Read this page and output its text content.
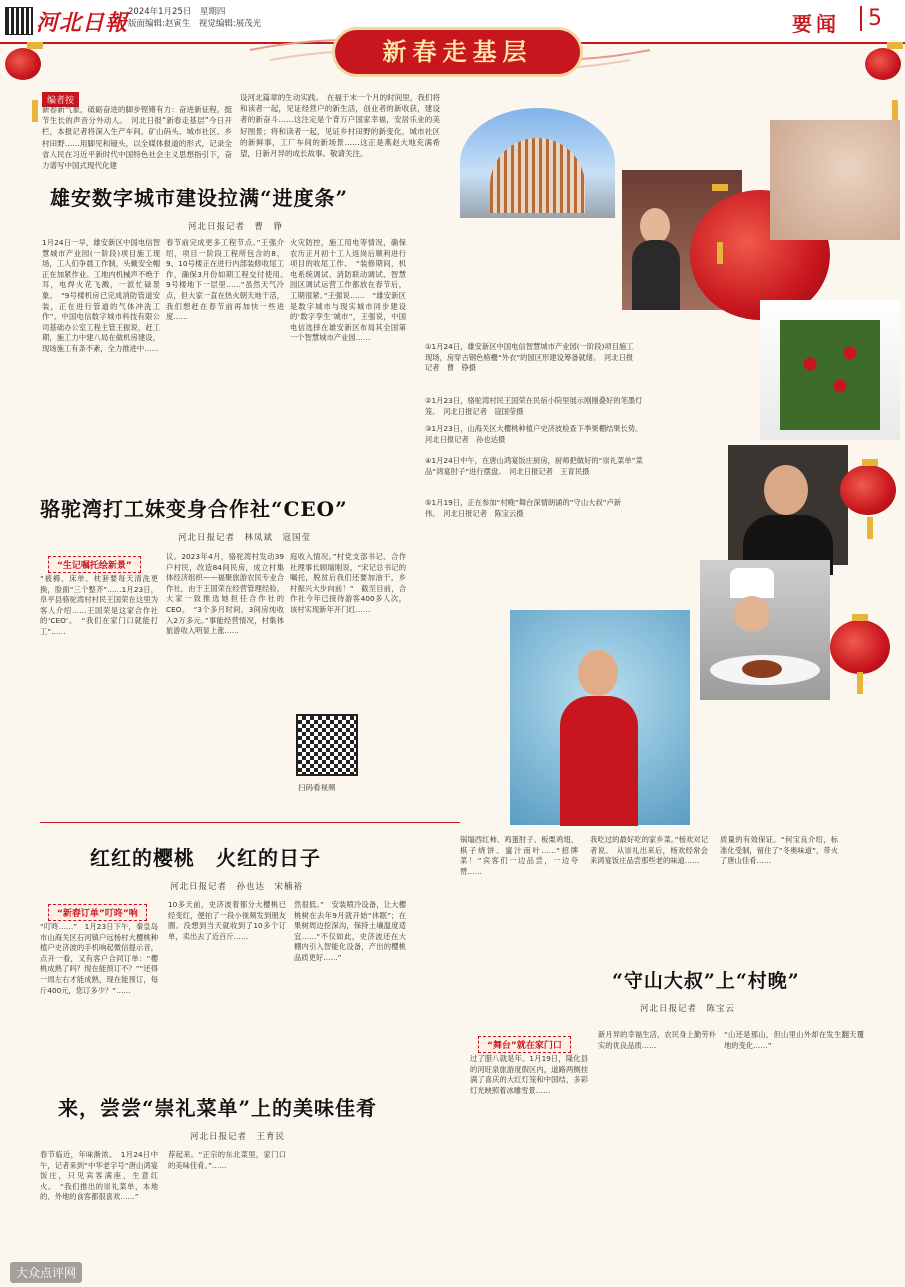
河北日報 2024年1月25日　星期四
版面编辑:赵寅生　视觉编辑:展茂光	要闻	5
新春走基层
编者按
新春新气象，砥砺奋进的脚步铿锵有力：奋进新征程，挺节生长的声音分外动人。　河北日报“新春走基层”今日开栏，本报记者将深入生产车间、矿山码头、城市社区、乡村田野……用脚见和镜头，以全媒体报道的形式，记录全省人民在习近平新时代中国特色社会主义思想指引下，奋力谱写中国式现代化建
设河北篇章的生动实践。　在福于末一个月的时间里，我们将和读者一起，见证经营户的新生活，创业者的新收获，建设者的新奋斗……这注定是个背万户国家幸福，安居乐业的美好图景；将和读者一起，见证乡村田野的新变化，城市社区的新鲜事，工厂车间的新场景……这正是燕赵大地充满希望，日新月异的成长故事。敬请关注。
雄安数字城市建设拉满“进度条”
河北日报记者　曹　铮
1月24日一早，雄安新区中国电信智慧城市产业园(一阶段)项目施工现场，工人们争晨工作制，头戴安全帽正在加紧作业。工地内机械声不绝于耳，电焊火花飞溅，一派忙碌景象。　“9号楼机房已完成消防管道安装，正在进行管道的气体冲洗工作”。中国电信数字城市科技有限公司基础办公室工程主管王振说，赶工期，施工力中建八局在做机房建设，现场施工有条不紊，全力推进中……
春节前完成更多工程节点。”王强介绍，项目一阶段工程所包含的8、9、10号楼正在进行内部装修收尾工作，确保3月份如期工程交付使用。　9号楼地下一层里……“虽然天气冷点，但大家一直在热火朝天地干活，我们想赶在春节前再加快一些进度……
火灾防控，施工用电等情况，确保农历正月初十工人返岗后顺利进行项目的收尾工作。　“装修期间，机电系统调试、消防联动调试、智慧园区调试运营工作都放在春节后，工期很紧。”王强说……　“雄安新区是数字城市与现实城市同步建设的‘数字孪生’城市”，王强说，中国电信选择在雄安新区布局其全国第一个智慧城市产业园……
①1月24日，雄安新区中国电信智慧城市产业园(一阶段)项目施工现场，房穿古钢色格栅“外衣”的园区形建设筹备就绪。　河北日报记者　曹　铮摄
②1月23日，骆驼湾村民王国荣在民宿小院里展示刚刚叠好的笔墨灯笼。　河北日报记者　寇国莹摄
③1月23日，山海关区大樱桃种植户史济波检查下季果棚结果长势。　河北日报记者　孙也达摄
④1月24日中午，在唐山鸿宴饭庄厨房，厨师把做好的“崇礼菜单”菜品“鸿宴肘子”进行摆盘。　河北日报记者　王育民摄
⑤1月19日，正在参加“村晚”舞台深情朗诵的“守山大叔”卢新伟。　河北日报记者　陈宝云摄
骆驼湾打工妹变身合作社“CEO”
河北日报记者　林凤斌　寇国莹
“生记嘱托绘新景”
“被褥、床单、枕套要每天清洗更换，脸面“三个整齐”……1月23日，阜平县骆驼湾村村民王国荣在这里为客人介绍……王国荣是这家合作社的‘CEO’。　“我们在家门口就能打工”……
议。2023年4月，骆驼湾村发动39户村民，改造84间民房，成立村集体经济组织——福聚旅游农民专业合作社，由于王国荣在经营管理经验，大家一致推选她担任合作社的CEO。　“3个多月时间，3间房纯收入2万多元。”事能经营情况，村集体旅游收入明显上涨……
庭收入情况。”村党支部书记、合作社理事长顾瑞刚说，“宋记总书记的嘱托，脱贫后我们还要加油干，乡村振兴大步向前！”　截至目前，合作社今年已接待游客400多人次，该村实现新年开门红……
扫码看视频
红红的樱桃　火红的日子
河北日报记者　孙也达　宋楠裕
“新春订单”叮咚”响
“叮咚……”　1月23日下午，秦皇岛市山海关区石河镇户远杨村大樱桃种植户史济波的手机响起微信提示音，点开一看，又有客户合同订单：“樱桃成熟了吗？现在能预订不？”“还得一周左右才能成熟，现在能预订，每斤400元，您订多少？”……
10多天前，史济波着都分大樱桃已经变红，便拍了一段小视频发到朋友圈。没想到当天就收到了10多个订单，卖出去了近百斤……
然很低。”　安装喷冷设备，让大樱桃树在去年9月就开始“休眠”；在果树周边挖深沟，保持土壤温度适宜……“不仅如此，史济波还在大棚内引入智能化设备，产出的樱桃品质更好……”
来，尝尝“崇礼菜单”上的美味佳肴
河北日报记者　王育民
春节临近，年味渐浓。　1月24日中午，记者来到“中华老字号”唐山鸿宴饭庄，只见宾客满座，生意红火。　“我们推出的崇礼菜单，本地的、外地的食客都很喜欢……”
荐起来。“正宗的东北菜里，家门口的美味佳肴。”……
锅塌西红柿、鸡蛋肘子、板栗鸡翅、棋子烧饼、蜜汁南叶……“招牌菜！”宾客们一边品尝，一边夸赞……
我吃过的最好吃的家乡菜。”杨欢对记者说。　从崇礼出来后，杨欢经常会来鸿宴饭庄品尝那些老的味道……
质量的有效保证。“何宝良介绍，标准化受制，留住了“冬奥味道”，带火了唐山佳肴……
“守山大叔”上“村晚”
河北日报记者　陈宝云
“舞台”就在家门口
过了腊八就是年。1月19日，隆化县的河旺泉旅游度假区内，道路两侧挂满了喜庆的大红灯笼和中国结，多彩灯光映照着冰雕雪景……
新月异的幸福生活，农民身上勤劳朴实的优良品质……
“山还是那山，但山里山外却在发生翻天覆地的变化……”
大众点评网
